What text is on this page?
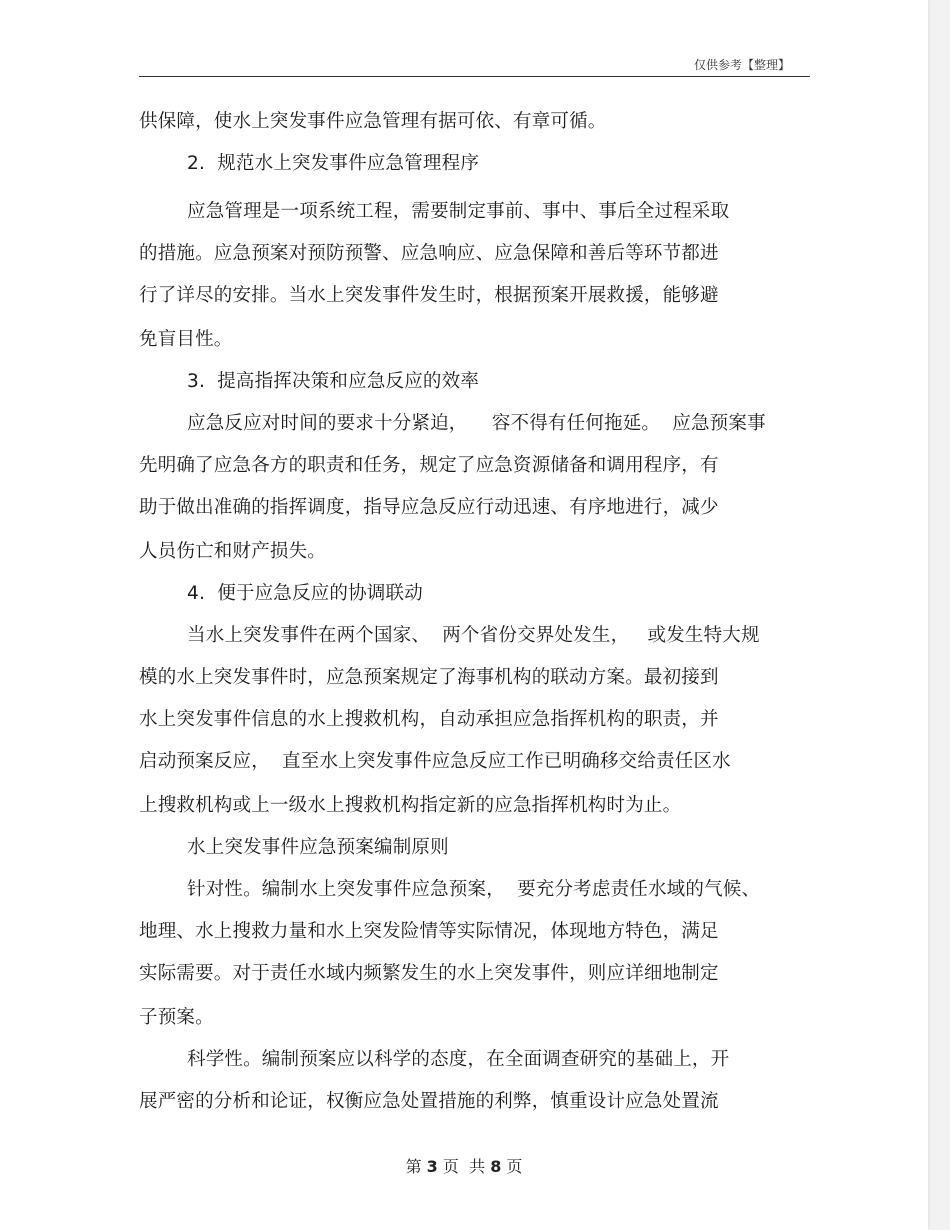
仅供参考【整理】
供保障，使水上突发事件应急管理有据可依、有章可循。
2.  规范水上突发事件应急管理程序
应急管理是一项系统工程，需要制定事前、事中、事后全过程采取
的措施。应急预案对预防预警、应急响应、应急保障和善后等环节都进
行了详尽的安排。当水上突发事件发生时，根据预案开展救援，能够避
免盲目性。
3.  提高指挥决策和应急反应的效率
应急反应对时间的要求十分紧迫，    容不得有任何拖延。  应急预案事
先明确了应急各方的职责和任务，规定了应急资源储备和调用程序，有
助于做出准确的指挥调度，指导应急反应行动迅速、有序地进行，减少
人员伤亡和财产损失。
4.  便于应急反应的协调联动
当水上突发事件在两个国家、  两个省份交界处发生，   或发生特大规
模的水上突发事件时，应急预案规定了海事机构的联动方案。最初接到
水上突发事件信息的水上搜救机构，自动承担应急指挥机构的职责，并
启动预案反应，  直至水上突发事件应急反应工作已明确移交给责任区水
上搜救机构或上一级水上搜救机构指定新的应急指挥机构时为止。
水上突发事件应急预案编制原则
针对性。编制水上突发事件应急预案，  要充分考虑责任水域的气候、
地理、水上搜救力量和水上突发险情等实际情况，体现地方特色，满足
实际需要。对于责任水域内频繁发生的水上突发事件，则应详细地制定
子预案。
科学性。编制预案应以科学的态度，在全面调查研究的基础上，开
展严密的分析和论证，权衡应急处置措施的利弊，慎重设计应急处置流
第 3 页  共 8 页
